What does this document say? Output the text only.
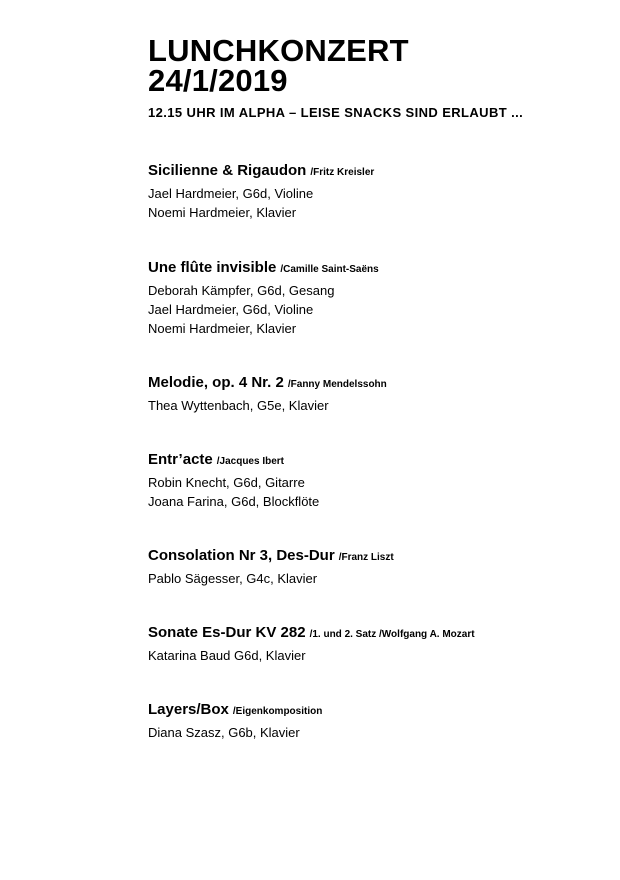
LUNCHKONZERT
24/1/2019
12.15 UHR IM ALPHA – LEISE SNACKS SIND ERLAUBT ...
Sicilienne & Rigaudon /Fritz Kreisler
Jael Hardmeier, G6d, Violine
Noemi Hardmeier, Klavier
Une flûte invisible /Camille Saint-Saëns
Deborah Kämpfer, G6d, Gesang
Jael Hardmeier, G6d, Violine
Noemi Hardmeier, Klavier
Melodie, op. 4 Nr. 2 /Fanny Mendelssohn
Thea Wyttenbach, G5e, Klavier
Entr’acte /Jacques Ibert
Robin Knecht, G6d, Gitarre
Joana Farina, G6d, Blockflöte
Consolation Nr 3, Des-Dur /Franz Liszt
Pablo Sägesser, G4c, Klavier
Sonate Es-Dur KV 282 /1. und 2. Satz /Wolfgang A. Mozart
Katarina Baud G6d, Klavier
Layers/Box /Eigenkomposition
Diana Szasz, G6b, Klavier
